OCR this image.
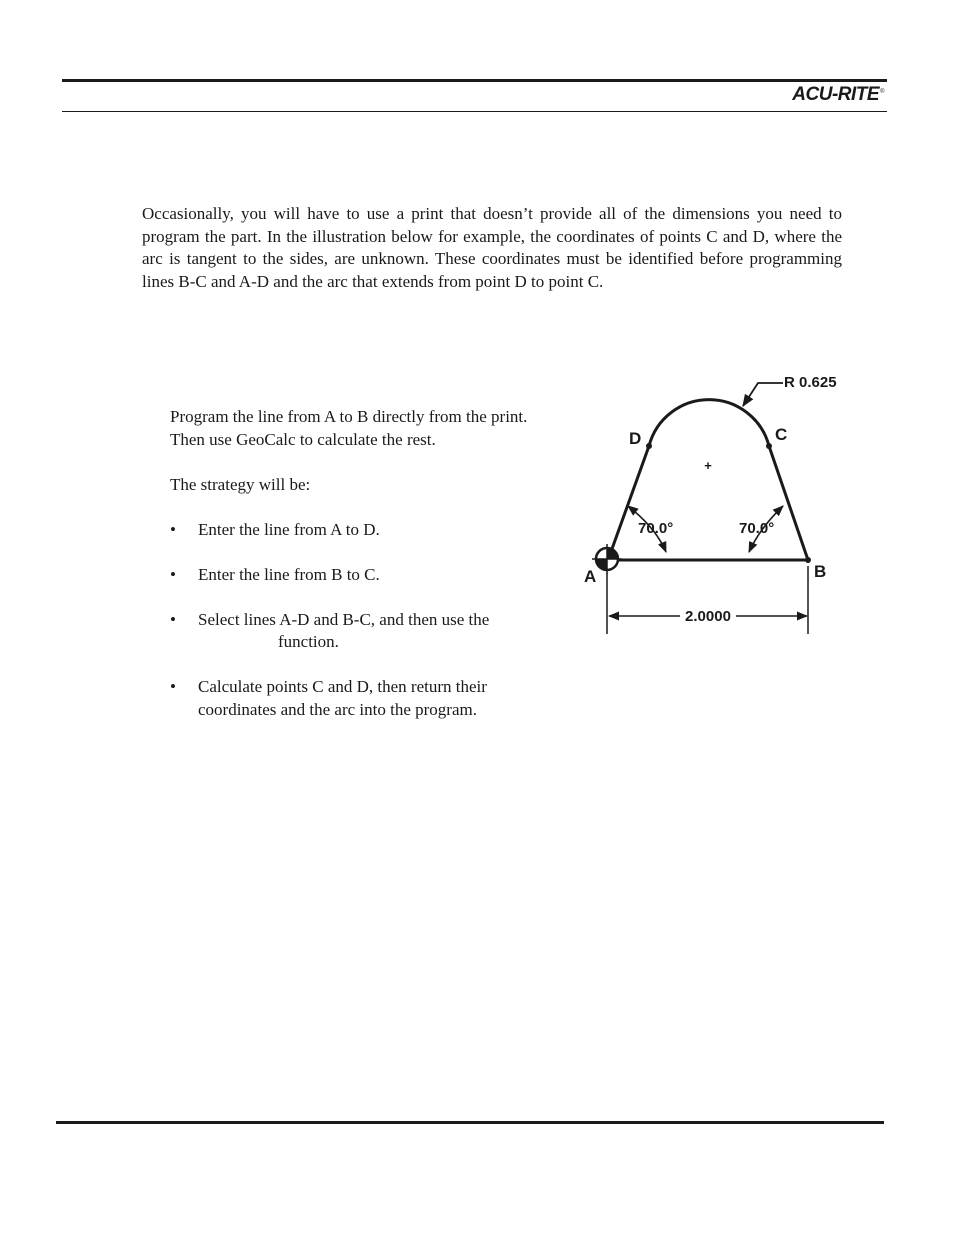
ACU-RITE®

Occasionally, you will have to use a print that doesn’t provide all of the dimensions you need to program the part. In the illustration below for example, the coordinates of points C and D, where the arc is tangent to the sides, are unknown. These coordinates must be identified before programming lines B-C and A-D and the arc that extends from point D to point C.

Program the line from A to B directly from the print. Then use GeoCalc to calculate the rest.

The strategy will be:

• Enter the line from A to D.
• Enter the line from B to C.
• Select lines A-D and B-C, and then use the
function.
• Calculate points C and D, then return their
coordinates and the arc into the program.
+
R 0.625
D	C
A	B
70.0°	70.0°
2.0000
